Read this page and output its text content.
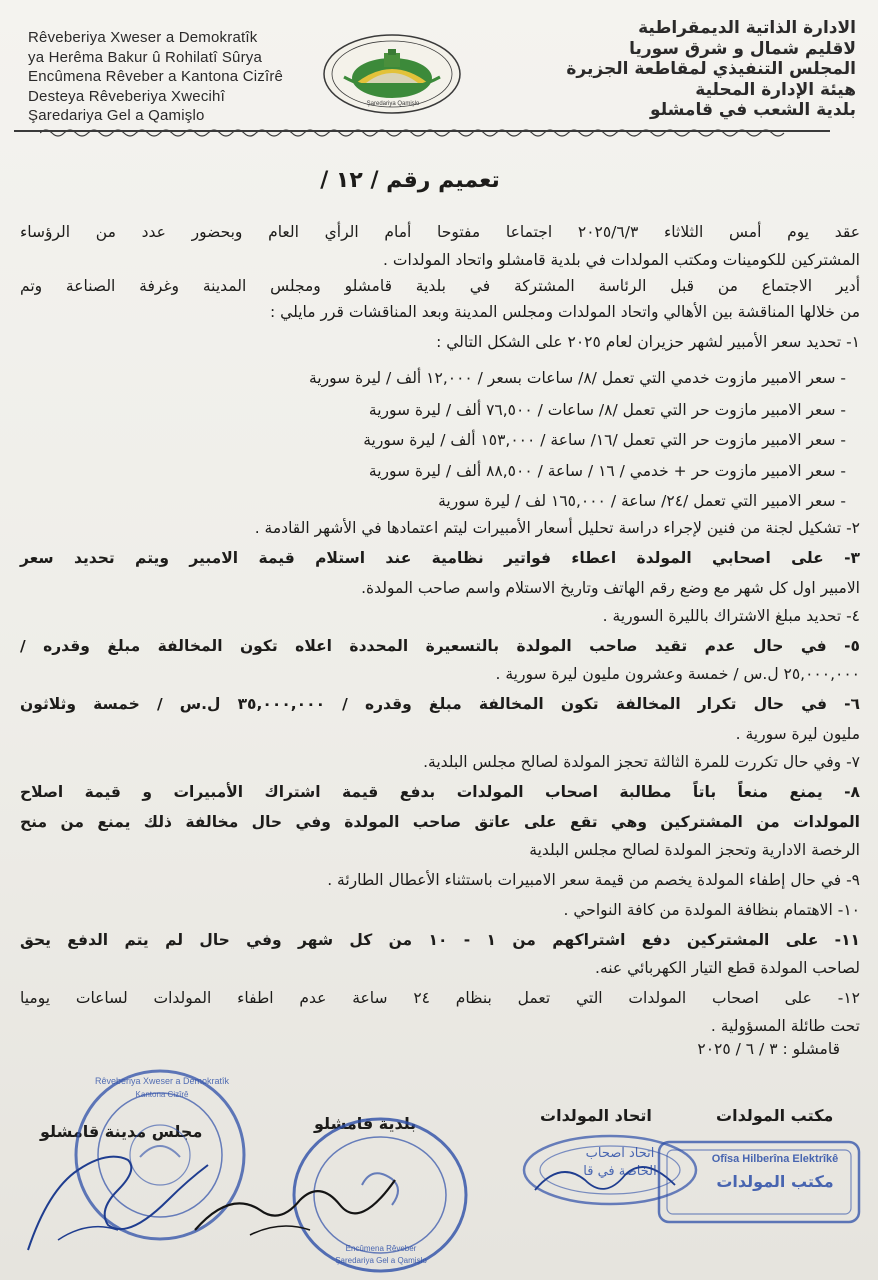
Rêveberiya Xweser a Demokratîk
ya Herêma Bakur û Rohilatî Sûrya
Encûmena Rêveber a Kantona Cizîrê
Desteya Rêveberiya Xwecihî
Şaredariya Gel a Qamişlo
Şaredariya Qamişlo
الادارة الذاتية الديمقراطية
لاقليم شمال و شرق سوريا
المجلس التنفيذي لمقاطعة الجزيرة
هيئة الإدارة المحلية
بلدية الشعب في قامشلو
تعميم رقم / ١٢ /
عقد يوم أمس الثلاثاء ٢٠٢٥/٦/٣ اجتماعا مفتوحا أمام الرأي العام وبحضور عدد من الرؤساء
المشتركين للكومينات ومكتب المولدات في بلدية قامشلو واتحاد المولدات .
أدير الاجتماع من قبل الرئاسة المشتركة في بلدية قامشلو ومجلس المدينة وغرفة الصناعة وتم
من خلالها المناقشة بين الأهالي واتحاد المولدات ومجلس المدينة وبعد المناقشات قرر مايلي :
١- تحديد سعر الأمبير لشهر حزيران لعام ٢٠٢٥ على الشكل التالي :
- سعر الامبير مازوت خدمي التي تعمل /٨/ ساعات بسعر / ١٢,٠٠٠ ألف / ليرة سورية
- سعر الامبير مازوت حر التي تعمل /٨/ ساعات / ٧٦,٥٠٠ ألف / ليرة سورية
- سعر الامبير مازوت حر التي تعمل /١٦/ ساعة / ١٥٣,٠٠٠ ألف / ليرة سورية
- سعر الامبير مازوت حر + خدمي / ١٦ / ساعة / ٨٨,٥٠٠ ألف / ليرة سورية
- سعر الامبير التي تعمل /٢٤/ ساعة / ١٦٥,٠٠٠ لف / ليرة سورية
٢- تشكيل لجنة من فنين لإجراء دراسة تحليل أسعار الأمبيرات ليتم اعتمادها في الأشهر القادمة .
٣- على اصحابي المولدة اعطاء فواتير نظامية عند استلام قيمة الامبير ويتم تحديد سعر
الامبير اول كل شهر مع وضع رقم الهاتف وتاريخ الاستلام واسم صاحب المولدة.
٤- تحديد مبلغ الاشتراك بالليرة السورية .
٥- في حال عدم تقيد صاحب المولدة بالتسعيرة المحددة اعلاه تكون المخالفة مبلغ وقدره /
٢٥,٠٠٠,٠٠٠ ل.س / خمسة وعشرون مليون ليرة سورية .
٦- في حال تكرار المخالفة تكون المخالفة مبلغ وقدره / ٣٥,٠٠٠,٠٠٠ ل.س / خمسة وثلاثون
مليون ليرة سورية .
٧- وفي حال تكررت للمرة الثالثة تحجز المولدة لصالح مجلس البلدية.
٨- يمنع منعاً باتاً مطالبة اصحاب المولدات بدفع قيمة اشتراك الأمبيرات و قيمة اصلاح
المولدات من المشتركين وهي تقع على عاتق صاحب المولدة وفي حال مخالفة ذلك يمنع من منح
الرخصة الادارية وتحجز المولدة لصالح مجلس البلدية
٩- في حال إطفاء المولدة يخصم من قيمة سعر الامبيرات باستثناء الأعطال الطارئة .
١٠- الاهتمام بنظافة المولدة من كافة النواحي .
١١- على المشتركين دفع اشتراكهم من ١ - ١٠ من كل شهر وفي حال لم يتم الدفع يحق
لصاحب المولدة قطع التيار الكهربائي عنه.
١٢- على اصحاب المولدات التي تعمل بنظام ٢٤ ساعة عدم اطفاء المولدات لساعات يوميا
تحت طائلة المسؤولية .
قامشلو : ٣ / ٦ / ٢٠٢٥
مكتب المولدات
اتحاد المولدات
بلدية قامشلو
مجلس مدينة قامشلو
Rêveberiya Xweser a Demokratîk
Kantona Cizîrê
Encûmena Rêveber
Şaredariya Gel a Qamişlo
اتحاد اصحاب
الخاصة في قا
Ofîsa Hilberîna Elektrîkê
مكتب المولدات
